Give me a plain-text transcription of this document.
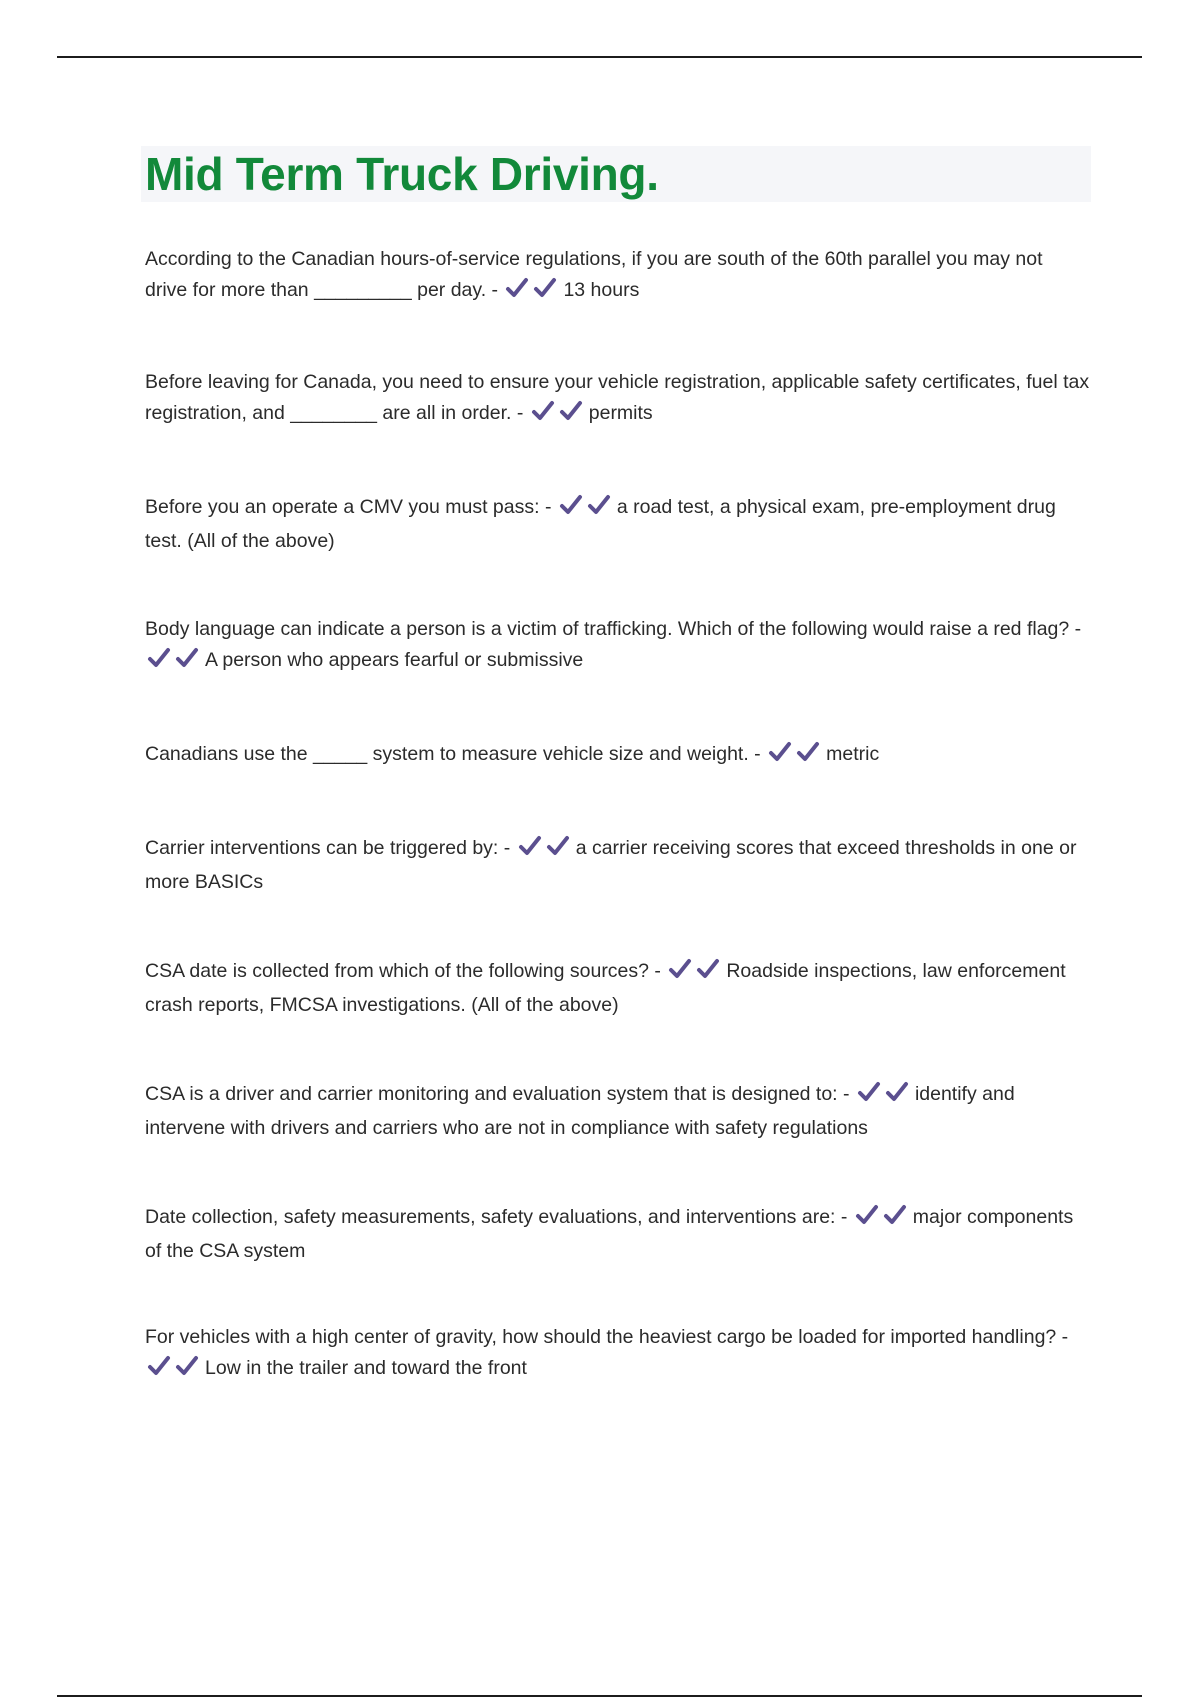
Mid Term Truck Driving.

According to the Canadian hours-of-service regulations, if you are south of the 60th parallel you may not drive for more than _________ per day. -	13 hours

Before leaving for Canada, you need to ensure your vehicle registration, applicable safety certificates, fuel tax registration, and ________ are all in order. -	permits

Before you an operate a CMV you must pass: -	a road test, a physical exam, pre-employment drug test. (All of the above)

Body language can indicate a person is a victim of trafficking. Which of the following would raise a red flag? -
A person who appears fearful or submissive

Canadians use the _____ system to measure vehicle size and weight. -	metric

Carrier interventions can be triggered by: -	a carrier receiving scores that exceed thresholds in one or more BASICs

CSA date is collected from which of the following sources? -	Roadside inspections, law enforcement crash reports, FMCSA investigations. (All of the above)

CSA is a driver and carrier monitoring and evaluation system that is designed to: -	identify and intervene with drivers and carriers who are not in compliance with safety regulations

Date collection, safety measurements, safety evaluations, and interventions are: -	major components of the CSA system

For vehicles with a high center of gravity, how should the heaviest cargo be loaded for imported handling? -
Low in the trailer and toward the front
